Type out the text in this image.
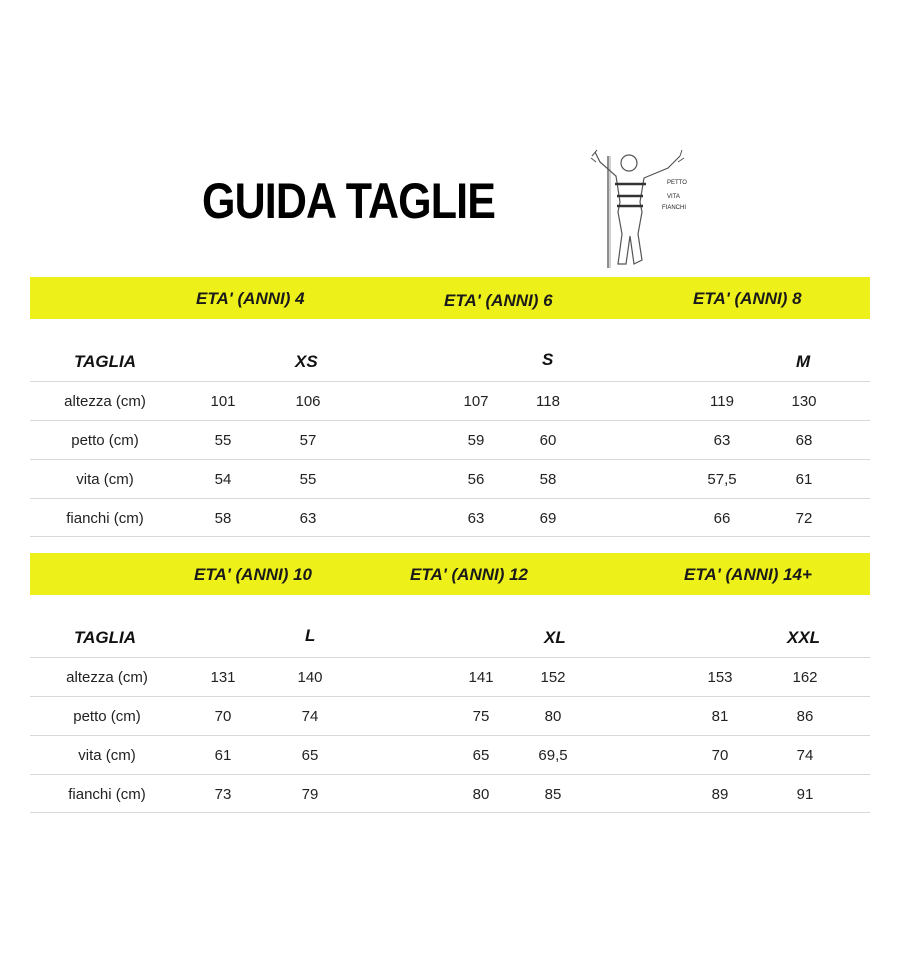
GUIDA TAGLIE	PETTO
VITA
FIANCHI
ETA' (ANNI) 4	ETA' (ANNI) 6	ETA' (ANNI) 8
TAGLIA	XS	S	M
altezza (cm)	101	106	107	118	119	130
petto (cm)	55	57	59	60	63	68
vita (cm)	54	55	56	58	57,5	61
fianchi (cm)	58	63	63	69	66	72
ETA' (ANNI) 10	ETA' (ANNI) 12	ETA' (ANNI) 14+
TAGLIA	L	XL	XXL
altezza (cm)	131	140	141	152	153	162
petto (cm)	70	74	75	80	81	86
vita (cm)	61	65	65	69,5	70	74
fianchi (cm)	73	79	80	85	89	91
